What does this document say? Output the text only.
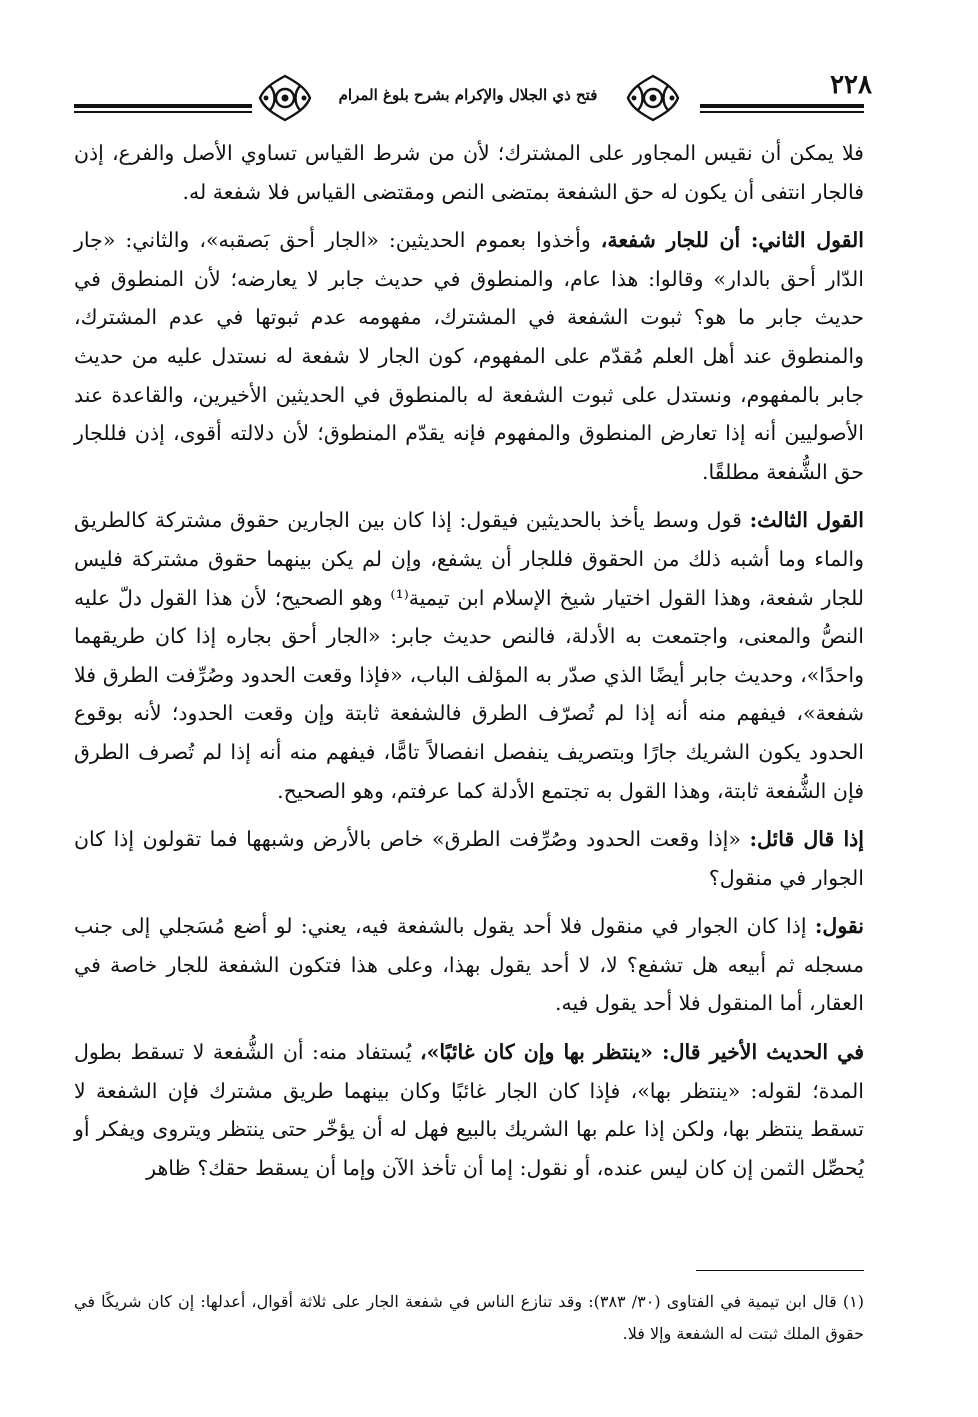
٢٢٨
فتح ذي الجلال والإكرام بشرح بلوغ المرام

فلا يمكن أن نقيس المجاور على المشترك؛ لأن من شرط القياس تساوي الأصل والفرع، إذن فالجار انتفى أن يكون له حق الشفعة بمتضى النص ومقتضى القياس فلا شفعة له.

القول الثاني: أن للجار شفعة، وأخذوا بعموم الحديثين: «الجار أحق بَصقبه»، والثاني: «جار الدّار أحق بالدار» وقالوا: هذا عام، والمنطوق في حديث جابر لا يعارضه؛ لأن المنطوق في حديث جابر ما هو؟ ثبوت الشفعة في المشترك، مفهومه عدم ثبوتها في عدم المشترك، والمنطوق عند أهل العلم مُقدّم على المفهوم، كون الجار لا شفعة له نستدل عليه من حديث جابر بالمفهوم، ونستدل على ثبوت الشفعة له بالمنطوق في الحديثين الأخيرين، والقاعدة عند الأصوليين أنه إذا تعارض المنطوق والمفهوم فإنه يقدّم المنطوق؛ لأن دلالته أقوى، إذن فللجار حق الشُّفعة مطلقًا.

القول الثالث: قول وسط يأخذ بالحديثين فيقول: إذا كان بين الجارين حقوق مشتركة كالطريق والماء وما أشبه ذلك من الحقوق فللجار أن يشفع، وإن لم يكن بينهما حقوق مشتركة فليس للجار شفعة، وهذا القول اختيار شيخ الإسلام ابن تيمية⁽¹⁾ وهو الصحيح؛ لأن هذا القول دلّ عليه النصُّ والمعنى، واجتمعت به الأدلة، فالنص حديث جابر: «الجار أحق بجاره إذا كان طريقهما واحدًا»، وحديث جابر أيضًا الذي صدّر به المؤلف الباب، «فإذا وقعت الحدود وصُرِّفت الطرق فلا شفعة»، فيفهم منه أنه إذا لم تُصرّف الطرق فالشفعة ثابتة وإن وقعت الحدود؛ لأنه بوقوع الحدود يكون الشريك جارًا وبتصريف ينفصل انفصالاً تامًّا، فيفهم منه أنه إذا لم تُصرف الطرق فإن الشُّفعة ثابتة، وهذا القول به تجتمع الأدلة كما عرفتم، وهو الصحيح.

إذا قال قائل: «إذا وقعت الحدود وصُرِّفت الطرق» خاص بالأرض وشبهها فما تقولون إذا كان الجوار في منقول؟

نقول: إذا كان الجوار في منقول فلا أحد يقول بالشفعة فيه، يعني: لو أضع مُسَجلي إلى جنب مسجله ثم أبيعه هل تشفع؟ لا، لا أحد يقول بهذا، وعلى هذا فتكون الشفعة للجار خاصة في العقار، أما المنقول فلا أحد يقول فيه.

في الحديث الأخير قال: «ينتظر بها وإن كان غائبًا»، يُستفاد منه: أن الشُّفعة لا تسقط بطول المدة؛ لقوله: «ينتظر بها»، فإذا كان الجار غائبًا وكان بينهما طريق مشترك فإن الشفعة لا تسقط ينتظر بها، ولكن إذا علم بها الشريك بالبيع فهل له أن يؤخّر حتى ينتظر ويتروى ويفكر أو يُحصِّل الثمن إن كان ليس عنده، أو نقول: إما أن تأخذ الآن وإما أن يسقط حقك؟ ظاهر

(١) قال ابن تيمية في الفتاوى (٣٠/ ٣٨٣): وقد تنازع الناس في شفعة الجار على ثلاثة أقوال، أعدلها: إن كان شريكًا في حقوق الملك ثبتت له الشفعة وإلا فلا.
